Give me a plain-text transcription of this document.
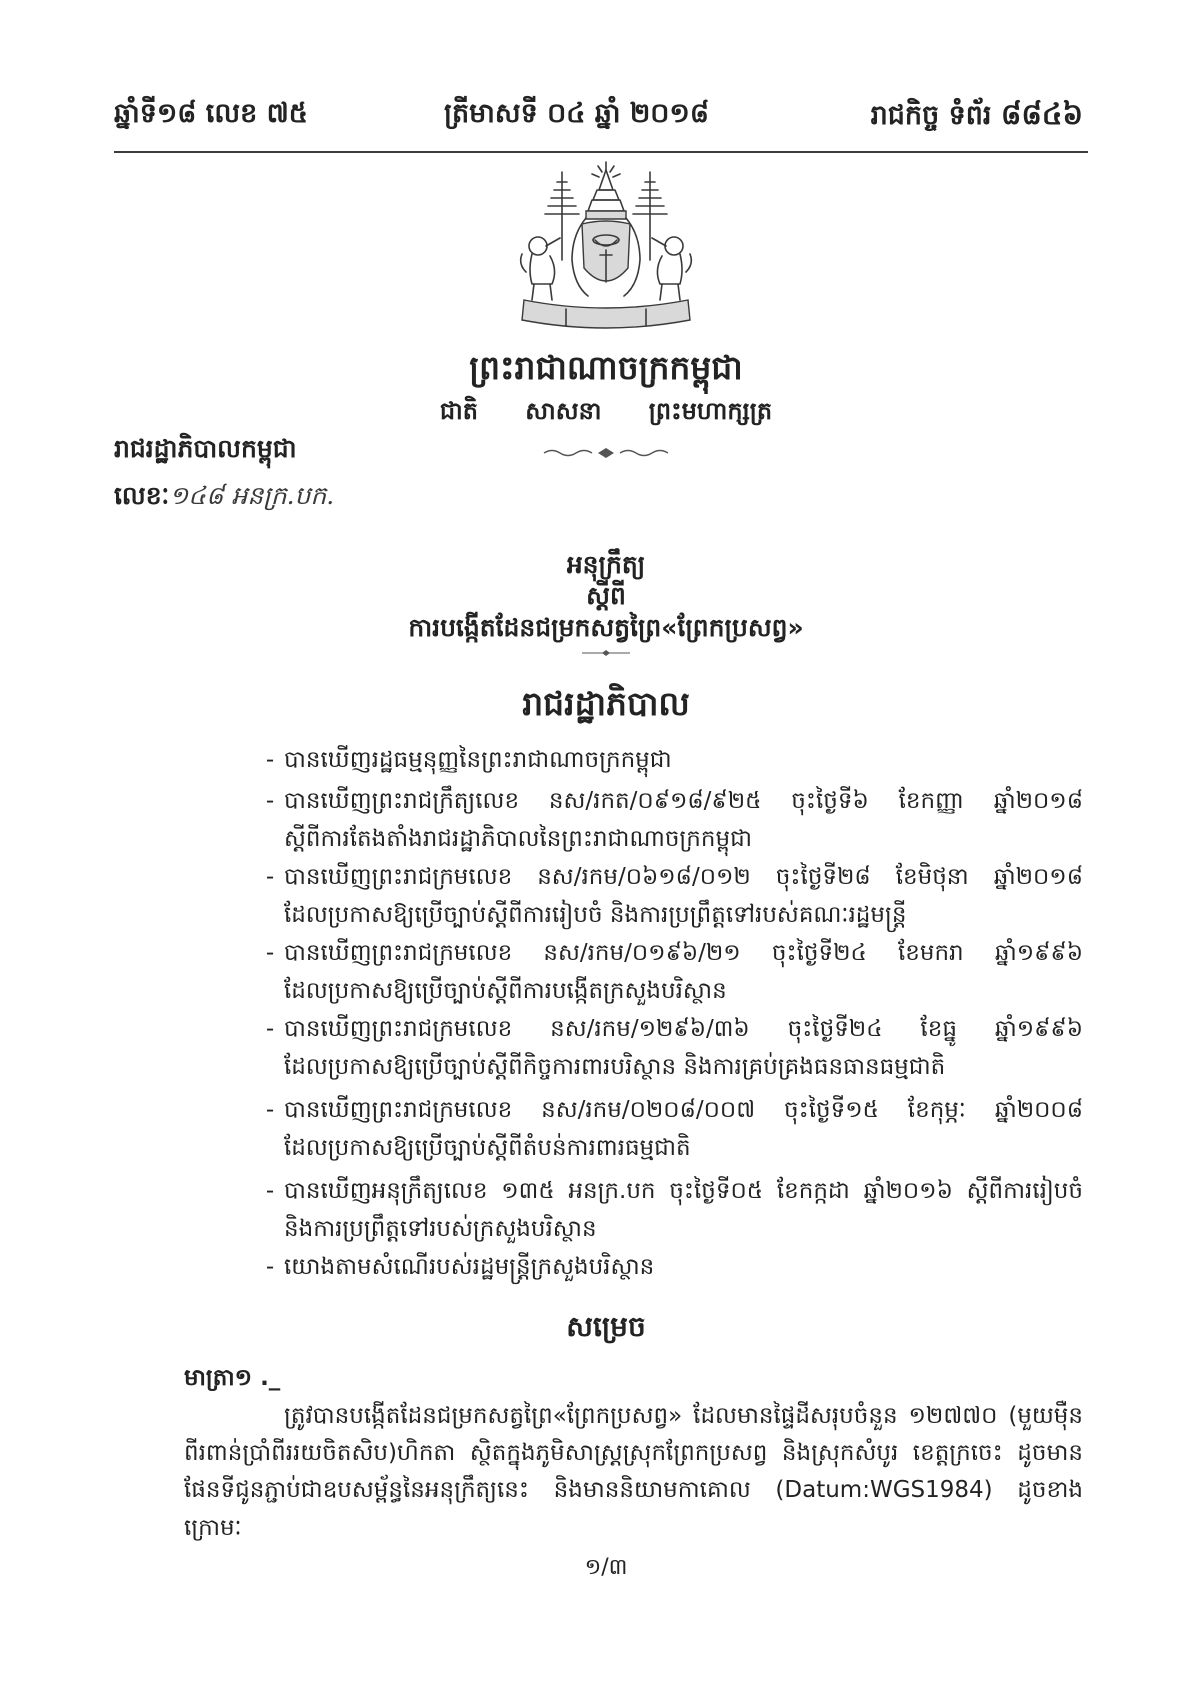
ឆ្នាំទី១៨ លេខ ៧៥	ត្រីមាសទី ០៤ ឆ្នាំ ២០១៨	រាជកិច្ច ទំព័រ ៨៨៤៦
ព្រះរាជាណាចក្រកម្ពុជា
ជាតិ សាសនា ព្រះមហាក្សត្រ
រាជរដ្ឋាភិបាលកម្ពុជា
លេខៈ១៤៨ អនក្រ.បក.
អនុក្រឹត្យ
ស្តីពី
ការបង្កើតដែនជម្រកសត្វព្រៃ«ព្រែកប្រសព្វ»
រាជរដ្ឋាភិបាល
-
បានឃើញរដ្ឋធម្មនុញ្ញនៃព្រះរាជាណាចក្រកម្ពុជា
-
បានឃើញព្រះរាជក្រឹត្យលេខ នស/រកត/០៩១៨/៩២៥ ចុះថ្ងៃទី៦ ខែកញ្ញា ឆ្នាំ២០១៨
ស្តីពីការតែងតាំងរាជរដ្ឋាភិបាលនៃព្រះរាជាណាចក្រកម្ពុជា
-
បានឃើញព្រះរាជក្រមលេខ នស/រកម/០៦១៨/០១២ ចុះថ្ងៃទី២៨ ខែមិថុនា ឆ្នាំ២០១៨
ដែលប្រកាសឱ្យប្រើច្បាប់ស្តីពីការរៀបចំ និងការប្រព្រឹត្តទៅរបស់គណៈរដ្ឋមន្ត្រី
-
បានឃើញព្រះរាជក្រមលេខ នស/រកម/០១៩៦/២១ ចុះថ្ងៃទី២៤ ខែមករា ឆ្នាំ១៩៩៦
ដែលប្រកាសឱ្យប្រើច្បាប់ស្តីពីការបង្កើតក្រសួងបរិស្ថាន
-
បានឃើញព្រះរាជក្រមលេខ នស/រកម/១២៩៦/៣៦ ចុះថ្ងៃទី២៤ ខែធ្នូ ឆ្នាំ១៩៩៦
ដែលប្រកាសឱ្យប្រើច្បាប់ស្តីពីកិច្ចការពារបរិស្ថាន និងការគ្រប់គ្រងធនធានធម្មជាតិ
-
បានឃើញព្រះរាជក្រមលេខ នស/រកម/០២០៨/០០៧ ចុះថ្ងៃទី១៥ ខែកុម្ភៈ ឆ្នាំ២០០៨
ដែលប្រកាសឱ្យប្រើច្បាប់ស្តីពីតំបន់ការពារធម្មជាតិ
-
បានឃើញអនុក្រឹត្យលេខ ១៣៥ អនក្រ.បក ចុះថ្ងៃទី០៥ ខែកក្កដា ឆ្នាំ២០១៦ ស្តីពីការរៀបចំ
និងការប្រព្រឹត្តទៅរបស់ក្រសួងបរិស្ថាន
-
យោងតាមសំណើរបស់រដ្ឋមន្ត្រីក្រសួងបរិស្ថាន
សម្រេច
មាត្រា១ ._
ត្រូវបានបង្កើតដែនជម្រកសត្វព្រៃ«ព្រែកប្រសព្វ» ដែលមានផ្ទៃដីសរុបចំនួន ១២៧៧០ (មួយម៉ឺន
ពីរពាន់ប្រាំពីររយចិតសិប)ហិកតា ស្ថិតក្នុងភូមិសាស្ត្រស្រុកព្រែកប្រសព្វ និងស្រុកសំបូរ ខេត្តក្រចេះ ដូចមាន
ផែនទីជូនភ្ជាប់ជាឧបសម្ព័ន្ធនៃអនុក្រឹត្យនេះ និងមាននិយាមកាគោល (Datum:WGS1984) ដូចខាងក្រោមៈ
១/៣
